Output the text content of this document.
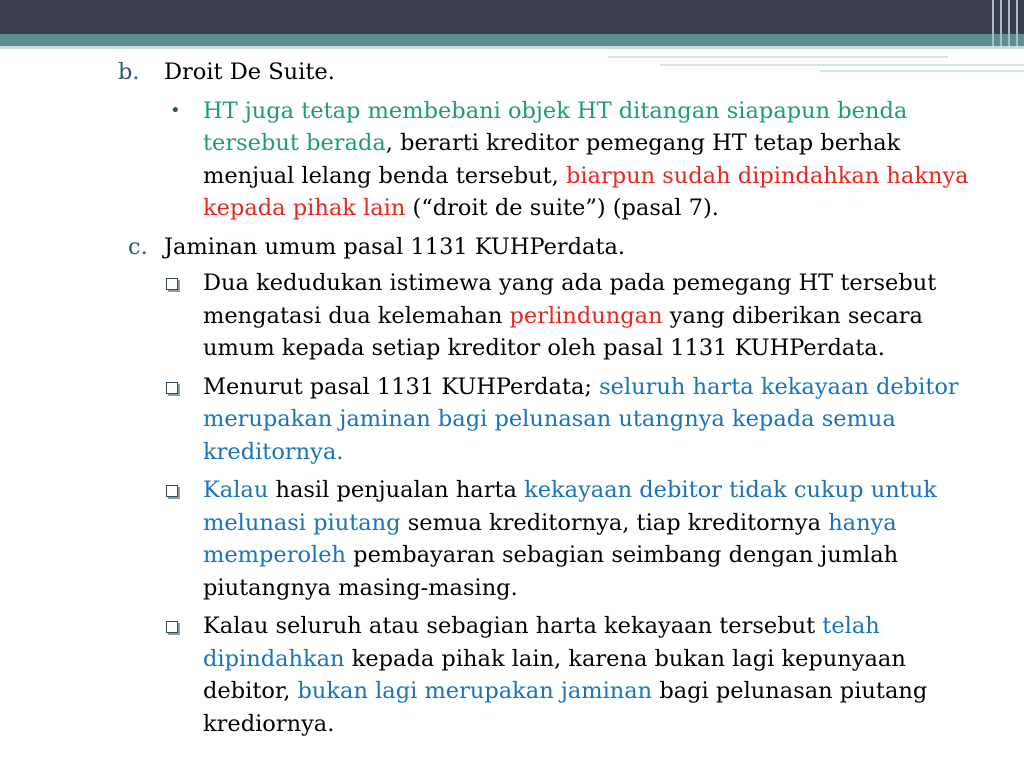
b.	Droit De Suite.
• HT juga tetap membebani objek HT ditangan siapapun benda tersebut berada, berarti kreditor pemegang HT tetap berhak menjual lelang benda tersebut, biarpun sudah dipindahkan haknya kepada pihak lain (“droit de suite”) (pasal 7).
c. Jaminan umum pasal 1131 KUHPerdata.
Dua kedudukan istimewa yang ada pada pemegang HT tersebut mengatasi dua kelemahan perlindungan yang diberikan secara umum kepada setiap kreditor oleh pasal 1131 KUHPerdata.
Menurut pasal 1131 KUHPerdata; seluruh harta kekayaan debitor merupakan jaminan bagi pelunasan utangnya kepada semua kreditornya.
Kalau hasil penjualan harta kekayaan debitor tidak cukup untuk melunasi piutang semua kreditornya, tiap kreditornya hanya memperoleh pembayaran sebagian seimbang dengan jumlah piutangnya masing-masing.
Kalau seluruh atau sebagian harta kekayaan tersebut telah dipindahkan kepada pihak lain, karena bukan lagi kepunyaan debitor, bukan lagi merupakan jaminan bagi pelunasan piutang krediornya.
